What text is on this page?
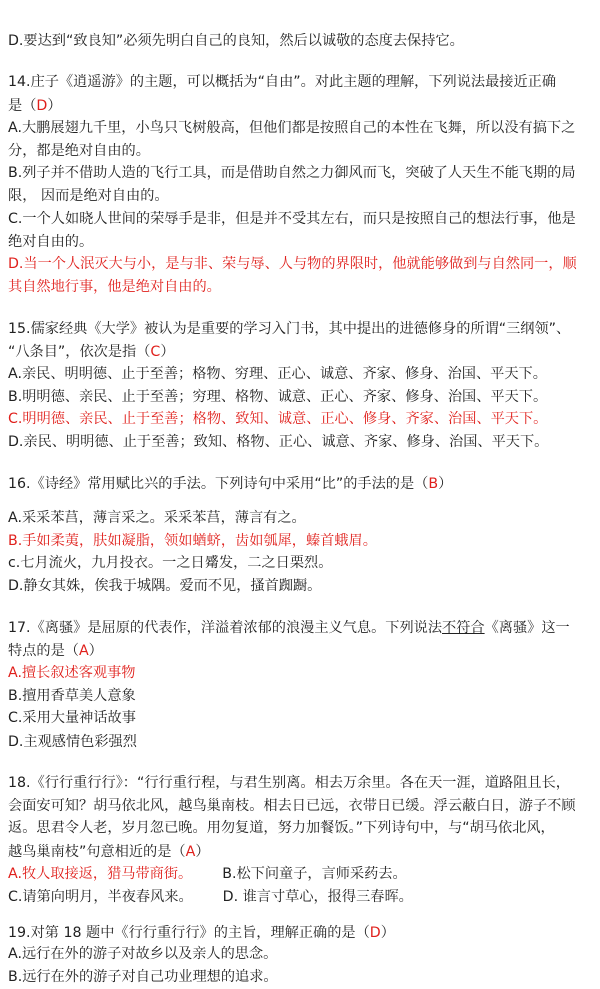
D.要达到“致良知”必须先明白自己的良知，然后以诚敬的态度去保持它。
14.庄子《逍遥游》的主题，可以概括为“自由”。对此主题的理解，下列说法最接近正确
是（D）
A.大鹏展翅九千里，小鸟只飞树般高，但他们都是按照自己的本性在飞舞，所以没有搞下之
分，都是绝对自由的。
B.列子并不借助人造的飞行工具，而是借助自然之力御风而飞，突破了人天生不能飞期的局
限， 因而是绝对自由的。
C.一个人如晓人世间的荣辱手是非，但是并不受其左右，而只是按照自己的想法行事，他是
绝对自由的。
D.当一个人泯灭大与小，是与非、荣与辱、人与物的界限时，他就能够做到与自然同一，顺
其自然地行事，他是绝对自由的。
15.儒家经典《大学》被认为是重要的学习入门书，其中提出的进德修身的所谓“三纲领”、
“八条目”，依次是指（C）
A.亲民、明明德、止于至善；格物、穷理、正心、诚意、齐家、修身、治国、平天下。
B.明明德、亲民、止于至善；穷理、格物、诚意、正心、齐家、修身、治国、平天下。
C.明明德、亲民、止于至善；格物、致知、诚意、正心、修身、齐家、治国、平天下。
D.亲民、明明德、止于至善；致知、格物、正心、诚意、齐家、修身、治国、平天下。
16.《诗经》常用赋比兴的手法。下列诗句中采用“比”的手法的是（B）
A.采采苯莒，薄言采之。采采苯莒，薄言有之。
B.手如柔荑，肤如凝脂，领如蝤蛴，齿如瓠犀，螓首蛾眉。
c.七月流火，九月投衣。一之日觱发，二之日栗烈。
D.静女其姝，俟我于城隅。爱而不见，搔首踟蹰。
17.《离骚》是屈原的代表作，洋溢着浓郁的浪漫主义气息。下列说法不符合《离骚》这一
特点的是（A）
A.擅长叙述客观事物
B.擅用香草美人意象
C.采用大量神话故事
D.主观感情色彩强烈
18.《行行重行行》：“行行重行程，与君生别离。相去万余里。各在天一涯，道路阻且长，
会面安可知？胡马依北风，越鸟巢南枝。相去日已远，衣带日已缓。浮云蔽白日，游子不顾
返。思君令人老，岁月忽已晚。用勿复道，努力加餐饭。”下列诗句中，与“胡马依北风，
越鸟巢南枝”句意相近的是（A）
A.牧人取接返，猎马带商街。 B.松下问童子，言师采药去。
C.请第向明月，半夜春风来。 D. 谁言寸草心，报得三春晖。
19.对第 18 题中《行行重行行》的主旨，理解正确的是（D）
A.远行在外的游子对故乡以及亲人的思念。
B.远行在外的游子对自己功业理想的追求。
